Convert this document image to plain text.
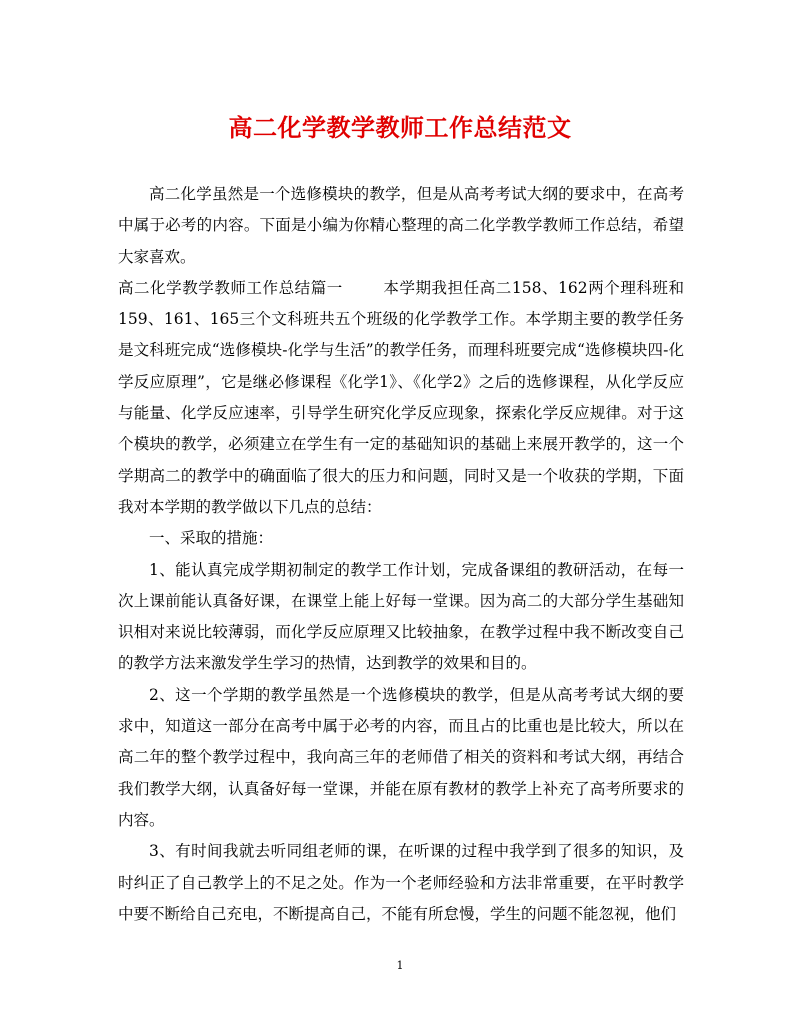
高二化学教学教师工作总结范文

高二化学虽然是一个选修模块的教学，但是从高考考试大纲的要求中，在高考中属于必考的内容。下面是小编为你精心整理的高二化学教学教师工作总结，希望大家喜欢。

高二化学教学教师工作总结篇一	本学期我担任高二158、162两个理科班和159、161、165三个文科班共五个班级的化学教学工作。本学期主要的教学任务是文科班完成“选修模块-化学与生活”的教学任务，而理科班要完成“选修模块四-化学反应原理”，它是继必修课程《化学1》、《化学2》之后的选修课程，从化学反应与能量、化学反应速率，引导学生研究化学反应现象，探索化学反应规律。对于这个模块的教学，必须建立在学生有一定的基础知识的基础上来展开教学的，这一个学期高二的教学中的确面临了很大的压力和问题，同时又是一个收获的学期，下面我对本学期的教学做以下几点的总结：

一、采取的措施：

1、能认真完成学期初制定的教学工作计划，完成备课组的教研活动，在每一次上课前能认真备好课，在课堂上能上好每一堂课。因为高二的大部分学生基础知识相对来说比较薄弱，而化学反应原理又比较抽象，在教学过程中我不断改变自己的教学方法来激发学生学习的热情，达到教学的效果和目的。

2、这一个学期的教学虽然是一个选修模块的教学，但是从高考考试大纲的要求中，知道这一部分在高考中属于必考的内容，而且占的比重也是比较大，所以在高二年的整个教学过程中，我向高三年的老师借了相关的资料和考试大纲，再结合我们教学大纲，认真备好每一堂课，并能在原有教材的教学上补充了高考所要求的内容。

3、有时间我就去听同组老师的课，在听课的过程中我学到了很多的知识，及时纠正了自己教学上的不足之处。作为一个老师经验和方法非常重要，在平时教学中要不断给自己充电，不断提高自己，不能有所怠慢，学生的问题不能忽视，他们

1
